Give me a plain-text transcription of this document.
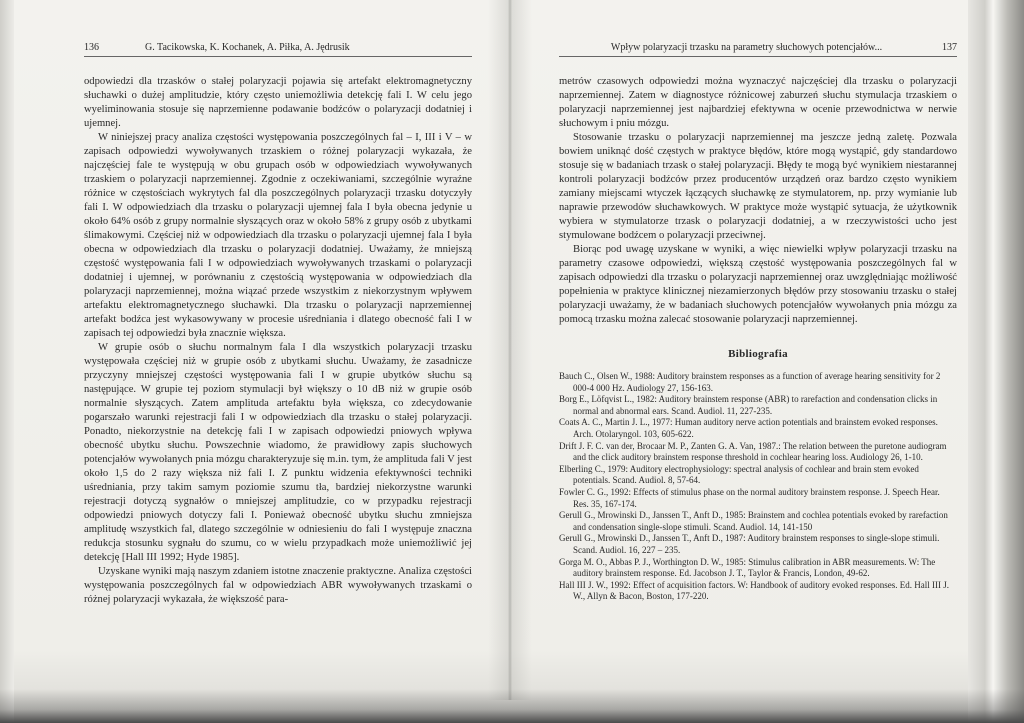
136	G. Tacikowska, K. Kochanek, A. Piłka, A. Jędrusik

odpowiedzi dla trzasków o stałej polaryzacji pojawia się artefakt elektromagnetyczny słuchawki o dużej amplitudzie, który często uniemożliwia detekcję fali I. W celu jego wyeliminowania stosuje się naprzemienne podawanie bodźców o polaryzacji dodatniej i ujemnej.

W niniejszej pracy analiza częstości występowania poszczególnych fal – I, III i V – w zapisach odpowiedzi wywoływanych trzaskiem o różnej polaryzacji wykazała, że najczęściej fale te występują w obu grupach osób w odpowiedziach wywoływanych trzaskiem o polaryzacji naprzemiennej. Zgodnie z oczekiwaniami, szczególnie wyraźne różnice w częstościach wykrytych fal dla poszczególnych polaryzacji trzasku dotyczyły fali I. W odpowiedziach dla trzasku o polaryzacji ujemnej fala I była obecna jedynie u około 64% osób z grupy normalnie słyszących oraz w około 58% z grupy osób z ubytkami ślimakowymi. Częściej niż w odpowiedziach dla trzasku o polaryzacji ujemnej fala I była obecna w odpowiedziach dla trzasku o polaryzacji dodatniej. Uważamy, że mniejszą częstość występowania fali I w odpowiedziach wywoływanych trzaskami o polaryzacji dodatniej i ujemnej, w porównaniu z częstością występowania w odpowiedziach dla polaryzacji naprzemiennej, można wiązać przede wszystkim z niekorzystnym wpływem artefaktu elektromagnetycznego słuchawki. Dla trzasku o polaryzacji naprzemiennej artefakt bodźca jest wykasowywany w procesie uśredniania i dlatego obecność fali I w zapisach tej odpowiedzi była znacznie większa.

W grupie osób o słuchu normalnym fala I dla wszystkich polaryzacji trzasku występowała częściej niż w grupie osób z ubytkami słuchu. Uważamy, że zasadnicze przyczyny mniejszej częstości występowania fali I w grupie ubytków słuchu są następujące. W grupie tej poziom stymulacji był większy o 10 dB niż w grupie osób normalnie słyszących. Zatem amplituda artefaktu była większa, co zdecydowanie pogarszało warunki rejestracji fali I w odpowiedziach dla trzasku o stałej polaryzacji. Ponadto, niekorzystnie na detekcję fali I w zapisach odpowiedzi pniowych wpływa obecność ubytku słuchu. Powszechnie wiadomo, że prawidłowy zapis słuchowych potencjałów wywołanych pnia mózgu charakteryzuje się m.in. tym, że amplituda fali V jest około 1,5 do 2 razy większa niż fali I. Z punktu widzenia efektywności techniki uśredniania, przy takim samym poziomie szumu tła, bardziej niekorzystne warunki rejestracji dotyczą sygnałów o mniejszej amplitudzie, co w przypadku rejestracji odpowiedzi pniowych dotyczy fali I. Ponieważ obecność ubytku słuchu zmniejsza amplitudę wszystkich fal, dlatego szczególnie w odniesieniu do fali I występuje znaczna redukcja stosunku sygnału do szumu, co w wielu przypadkach może uniemożliwić jej detekcję [Hall III 1992; Hyde 1985].

Uzyskane wyniki mają naszym zdaniem istotne znaczenie praktyczne. Analiza częstości występowania poszczególnych fal w odpowiedziach ABR wywoływanych trzaskami o różnej polaryzacji wykazała, że większość para-

Wpływ polaryzacji trzasku na parametry słuchowych potencjałów...	137

metrów czasowych odpowiedzi można wyznaczyć najczęściej dla trzasku o polaryzacji naprzemiennej. Zatem w diagnostyce różnicowej zaburzeń słuchu stymulacja trzaskiem o polaryzacji naprzemiennej jest najbardziej efektywna w ocenie przewodnictwa w nerwie słuchowym i pniu mózgu.

Stosowanie trzasku o polaryzacji naprzemiennej ma jeszcze jedną zaletę. Pozwala bowiem uniknąć dość częstych w praktyce błędów, które mogą wystąpić, gdy standardowo stosuje się w badaniach trzask o stałej polaryzacji. Błędy te mogą być wynikiem niestarannej kontroli polaryzacji bodźców przez producentów urządzeń oraz bardzo często wynikiem zamiany miejscami wtyczek łączących słuchawkę ze stymulatorem, np. przy wymianie lub naprawie przewodów słuchawkowych. W praktyce może wystąpić sytuacja, że użytkownik wybiera w stymulatorze trzask o polaryzacji dodatniej, a w rzeczywistości ucho jest stymulowane bodźcem o polaryzacji przeciwnej.

Biorąc pod uwagę uzyskane w wyniki, a więc niewielki wpływ polaryzacji trzasku na parametry czasowe odpowiedzi, większą częstość występowania poszczególnych fal w zapisach odpowiedzi dla trzasku o polaryzacji naprzemiennej oraz uwzględniając możliwość popełnienia w praktyce klinicznej niezamierzonych błędów przy stosowaniu trzasku o stałej polaryzacji uważamy, że w badaniach słuchowych potencjałów wywołanych pnia mózgu za pomocą trzasku można zalecać stosowanie polaryzacji naprzemiennej.

Bibliografia

Bauch C., Olsen W., 1988: Auditory brainstem responses as a function of average hearing sensitivity for 2 000-4 000 Hz. Audiology 27, 156-163.

Borg E., Löfqvist L., 1982: Auditory brainstem response (ABR) to rarefaction and condensation clicks in normal and abnormal ears. Scand. Audiol. 11, 227-235.

Coats A. C., Martin J. L., 1977: Human auditory nerve action potentials and brainstem evoked responses. Arch. Otolaryngol. 103, 605-622.

Drift J. F. C. van der, Brocaar M. P., Zanten G. A. Van, 1987.: The relation between the puretone audiogram and the click auditory brainstem response threshold in cochlear hearing loss. Audiology 26, 1-10.

Elberling C., 1979: Auditory electrophysiology: spectral analysis of cochlear and brain stem evoked potentials. Scand. Audiol. 8, 57-64.

Fowler C. G., 1992: Effects of stimulus phase on the normal auditory brainstem response. J. Speech Hear. Res. 35, 167-174.

Gerull G., Mrowinski D., Janssen T., Anft D., 1985: Brainstem and cochlea potentials evoked by rarefaction and condensation single-slope stimuli. Scand. Audiol. 14, 141-150

Gerull G., Mrowinski D., Janssen T., Anft D., 1987: Auditory brainstem responses to single-slope stimuli. Scand. Audiol. 16, 227 – 235.

Gorga M. O., Abbas P. J., Worthington D. W., 1985: Stimulus calibration in ABR measurements. W: The auditory brainstem response. Ed. Jacobson J. T., Taylor & Francis, London, 49-62.

Hall III J. W., 1992: Effect of acquisition factors. W: Handbook of auditory evoked responses. Ed. Hall III J. W., Allyn & Bacon, Boston, 177-220.
